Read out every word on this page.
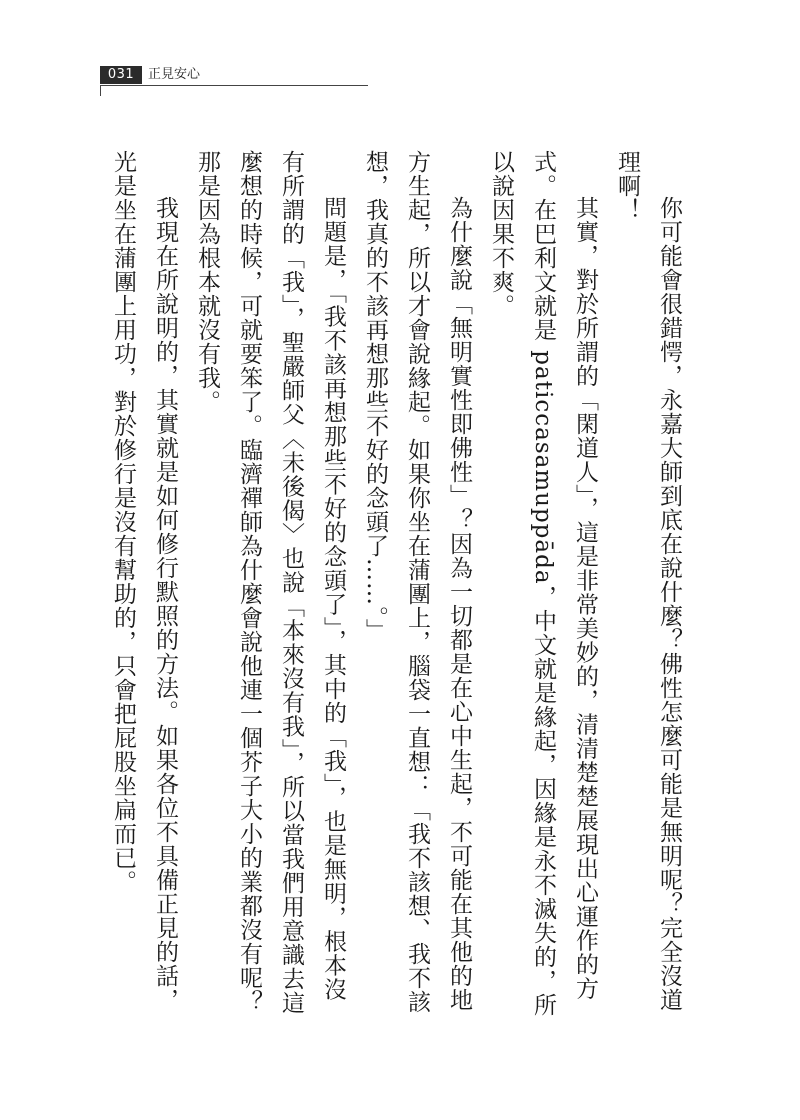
031	正見安心

你可能會很錯愕，永嘉大師到底在說什麼？佛性怎麼可能是無明呢？完全沒道理啊！

其實，對於所謂的「閑道人」，這是非常美妙的，清清楚楚展現出心運作的方式。在巴利文就是 paticcasamuppāda，中文就是緣起，因緣是永不滅失的，所以說因果不爽。

為什麼說「無明實性即佛性」？因為一切都是在心中生起，不可能在其他的地方生起，所以才會說緣起。如果你坐在蒲團上，腦袋一直想：「我不該想、我不該想，我真的不該再想那些不好的念頭了……。」

問題是，「我不該再想那些不好的念頭了」，其中的「我」，也是無明，根本沒有所謂的「我」，聖嚴師父〈未後偈〉也說「本來沒有我」，所以當我們用意識去這麼想的時候，可就要笨了。臨濟禪師為什麼會說他連一個芥子大小的業都沒有呢？那是因為根本就沒有我。

我現在所說明的，其實就是如何修行默照的方法。如果各位不具備正見的話，光是坐在蒲團上用功，對於修行是沒有幫助的，只會把屁股坐扁而已。
